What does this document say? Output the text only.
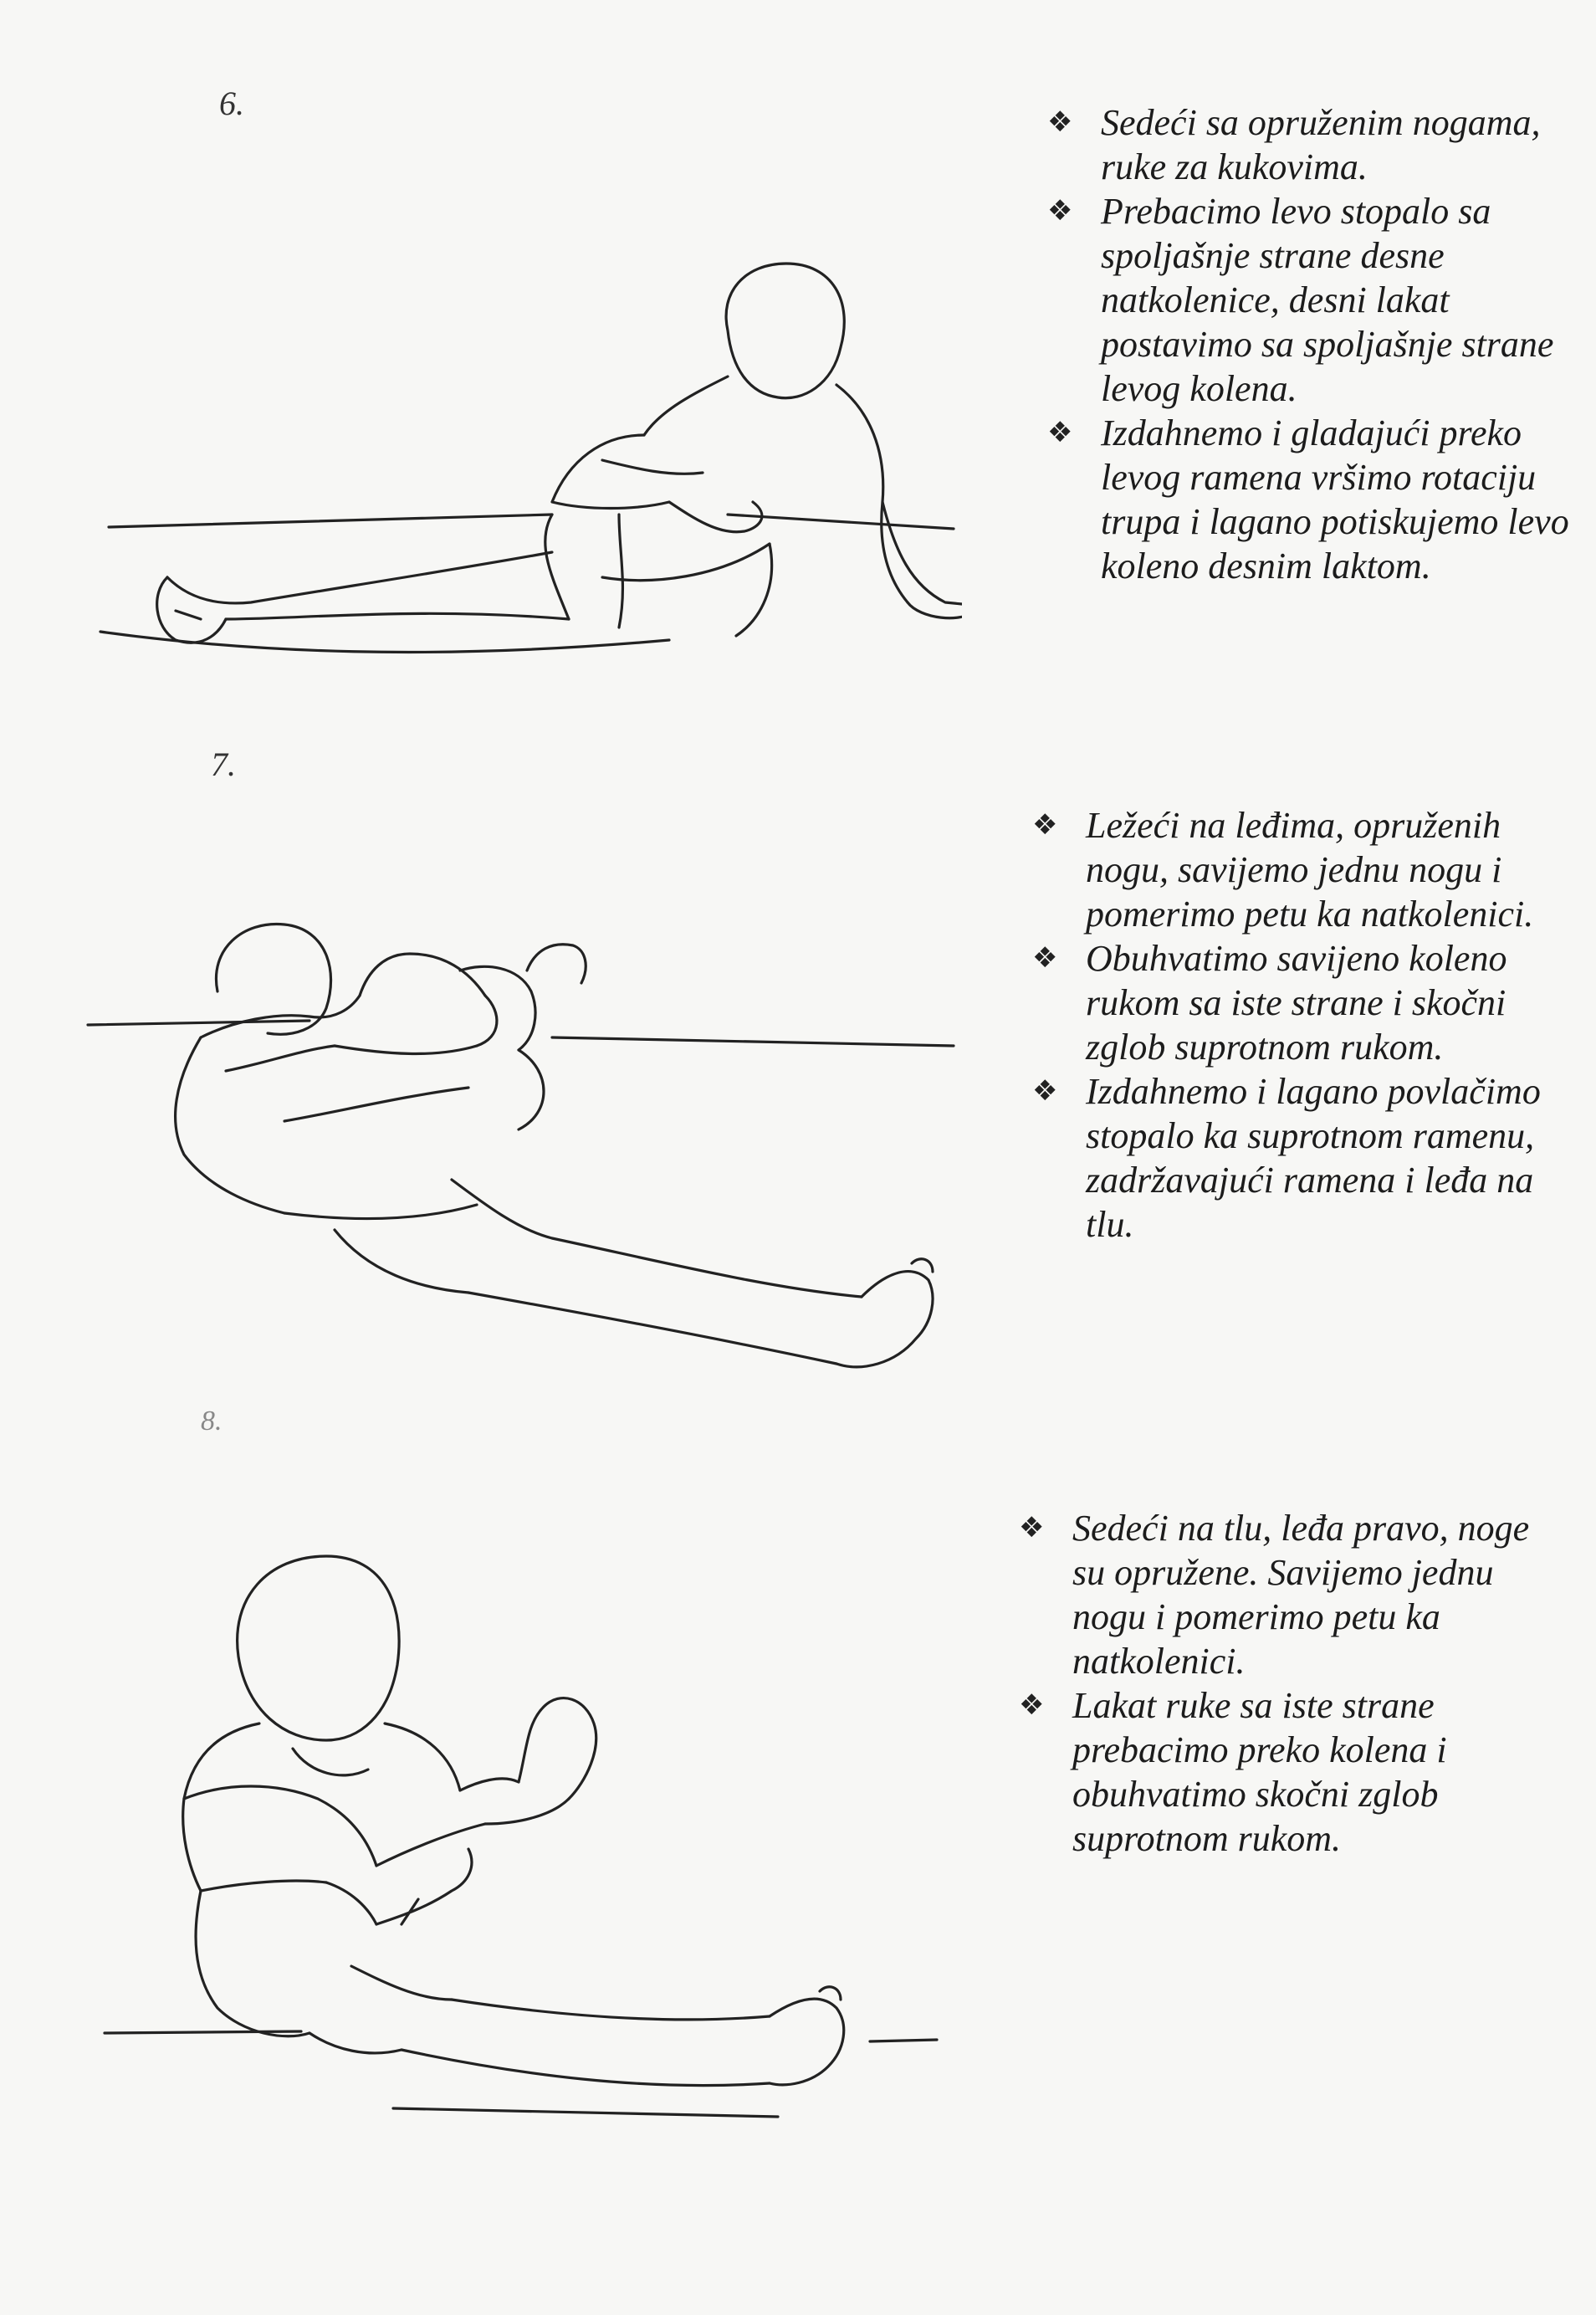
6.	❖ Sedeći sa opruženim nogama,
ruke za kukovima.
❖ Prebacimo levo stopalo sa
spoljašnje strane desne
natkolenice, desni lakat
postavimo sa spoljašnje strane
levog kolena.
❖ Izdahnemo i gladajući preko
levog ramena vršimo rotaciju
trupa i lagano potiskujemo levo
koleno desnim laktom.
7.
❖ Ležeći na leđima, opruženih
nogu, savijemo jednu nogu i
pomerimo petu ka natkolenici.
❖ Obuhvatimo savijeno koleno
rukom sa iste strane i skočni
zglob suprotnom rukom.
❖ Izdahnemo i lagano povlačimo
stopalo ka suprotnom ramenu,
zadržavajući ramena i leđa na
tlu.
8.
❖ Sedeći na tlu, leđa pravo, noge
su opružene. Savijemo jednu
nogu i pomerimo petu ka
natkolenici.
❖ Lakat ruke sa iste strane
prebacimo preko kolena i
obuhvatimo skočni zglob
suprotnom rukom.
